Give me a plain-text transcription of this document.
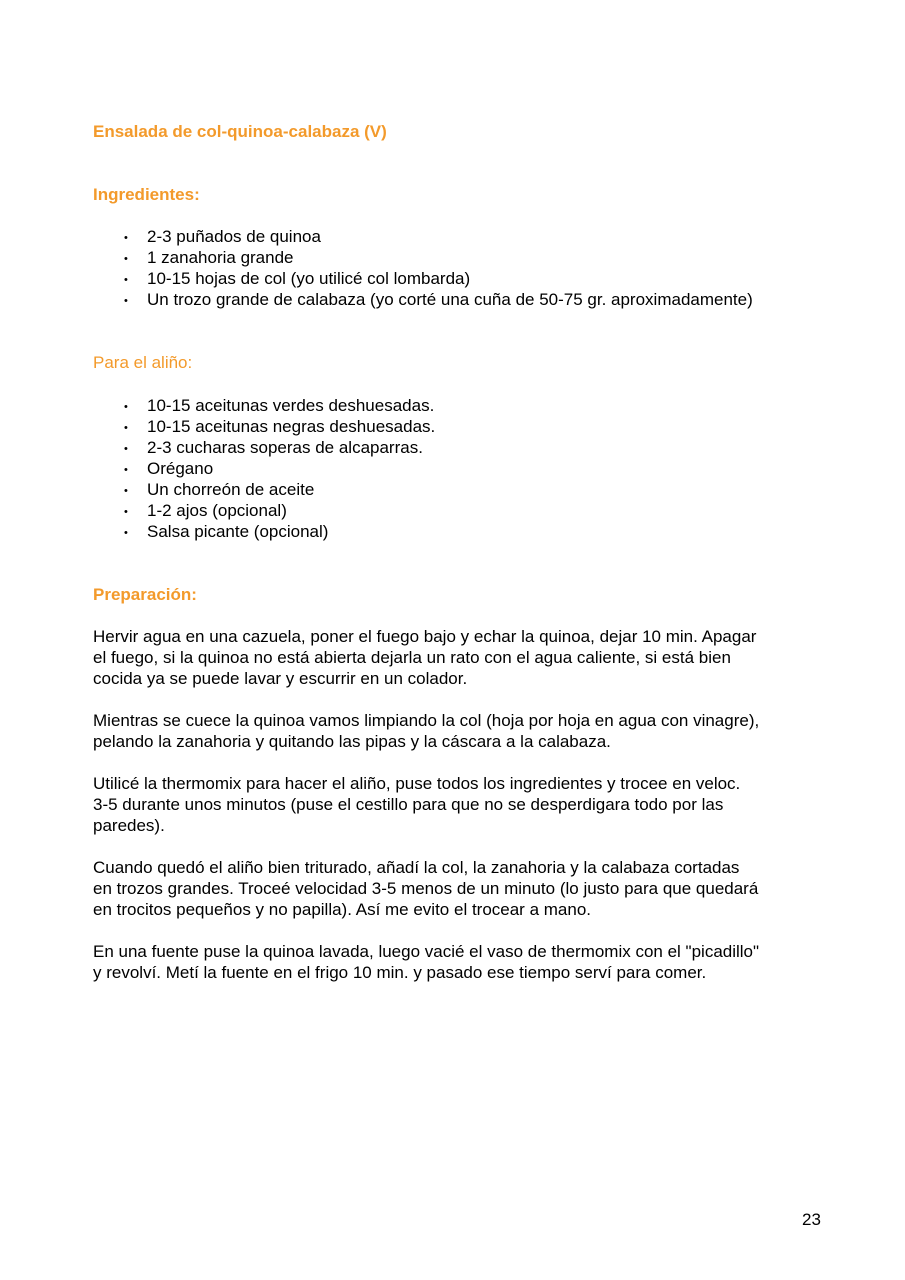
Ensalada de col-quinoa-calabaza (V)
Ingredientes:
• 2-3 puñados de quinoa
• 1 zanahoria grande
• 10-15 hojas de col (yo utilicé col lombarda)
• Un trozo grande de calabaza (yo corté una cuña de 50-75 gr. aproximadamente)
Para el aliño:
• 10-15 aceitunas verdes deshuesadas.
• 10-15 aceitunas negras deshuesadas.
• 2-3 cucharas soperas de alcaparras.
• Orégano
• Un chorreón de aceite
• 1-2 ajos (opcional)
• Salsa picante (opcional)
Preparación:
Hervir agua en una cazuela, poner el fuego bajo y echar la quinoa, dejar 10 min. Apagar
el fuego, si la quinoa no está abierta dejarla un rato con el agua caliente, si está bien
cocida ya se puede lavar y escurrir en un colador.
Mientras se cuece la quinoa vamos limpiando la col (hoja por hoja en agua con vinagre),
pelando la zanahoria y quitando las pipas y la cáscara a la calabaza.
Utilicé la thermomix para hacer el aliño, puse todos los ingredientes y trocee en veloc.
3-5 durante unos minutos (puse el cestillo para que no se desperdigara todo por las
paredes).
Cuando quedó el aliño bien triturado, añadí la col, la zanahoria y la calabaza cortadas
en trozos grandes. Troceé velocidad 3-5 menos de un minuto (lo justo para que quedará
en trocitos pequeños y no papilla). Así me evito el trocear a mano.
En una fuente puse la quinoa lavada, luego vacié el vaso de thermomix con el "picadillo"
y revolví. Metí la fuente en el frigo 10 min. y pasado ese tiempo serví para comer.
23
